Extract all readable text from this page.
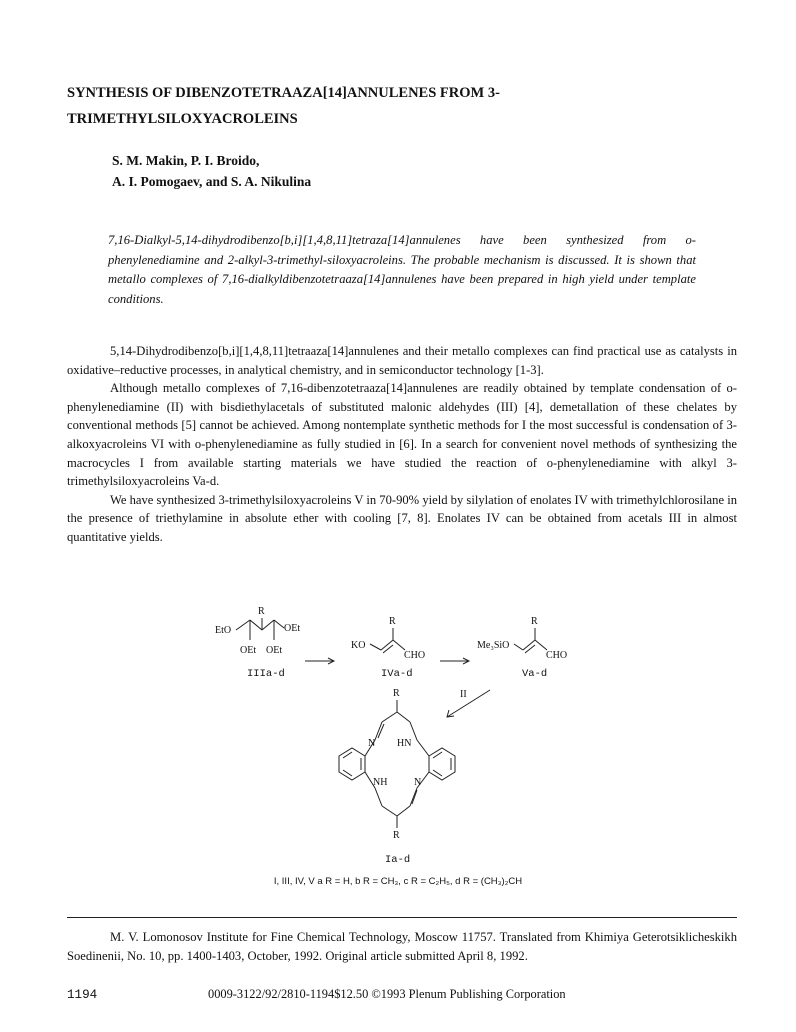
SYNTHESIS OF DIBENZOTETRAAZA[14]ANNULENES FROM 3-
TRIMETHYLSILOXYACROLEINS
S. M. Makin, P. I. Broido,
A. I. Pomogaev, and S. A. Nikulina
7,16-Dialkyl-5,14-dihydrodibenzo[b,i][1,4,8,11]tetraza[14]annulenes have been synthesized from o-phenylenediamine and 2-alkyl-3-trimethyl-siloxyacroleins. The probable mechanism is discussed. It is shown that metallo complexes of 7,16-dialkyldibenzotetraaza[14]annulenes have been prepared in high yield under template conditions.

5,14-Dihydrodibenzo[b,i][1,4,8,11]tetraaza[14]annulenes and their metallo complexes can find practical use as catalysts in oxidative–reductive processes, in analytical chemistry, and in semiconductor technology [1-3].

Although metallo complexes of 7,16-dibenzotetraaza[14]annulenes are readily obtained by template condensation of o-phenylenediamine (II) with bisdiethylacetals of substituted malonic aldehydes (III) [4], demetallation of these chelates by conventional methods [5] cannot be achieved. Among nontemplate synthetic methods for I the most successful is condensation of 3-alkoxyacroleins VI with o-phenylenediamine as fully studied in [6]. In a search for convenient novel methods of synthesizing the macrocycles I from available starting materials we have studied the reaction of o-phenylenediamine with alkyl 3-trimethylsiloxyacroleins Va-d.

We have synthesized 3-trimethylsiloxyacroleins V in 70-90% yield by silylation of enolates IV with trimethylchlorosilane in the presence of triethylamine in absolute ether with cooling [7, 8]. Enolates IV can be obtained from acetals III in almost quantitative yields.

R
EtO	OEt
OEt OEt
IIIa-d
R
KO
CHO
IVa-d
R
Me₃SiO
CHO
Va-d
II
R
N HN
NH	N
R
Ia-d
I, III, IV, V a R = H, b R = CH₃, c R = C₂H₅, d R = (CH₃)₂CH

M. V. Lomonosov Institute for Fine Chemical Technology, Moscow 11757. Translated from Khimiya Geterotsiklicheskikh Soedinenii, No. 10, pp. 1400-1403, October, 1992. Original article submitted April 8, 1992.

1194	0009-3122/92/2810-1194$12.50 ©1993 Plenum Publishing Corporation
